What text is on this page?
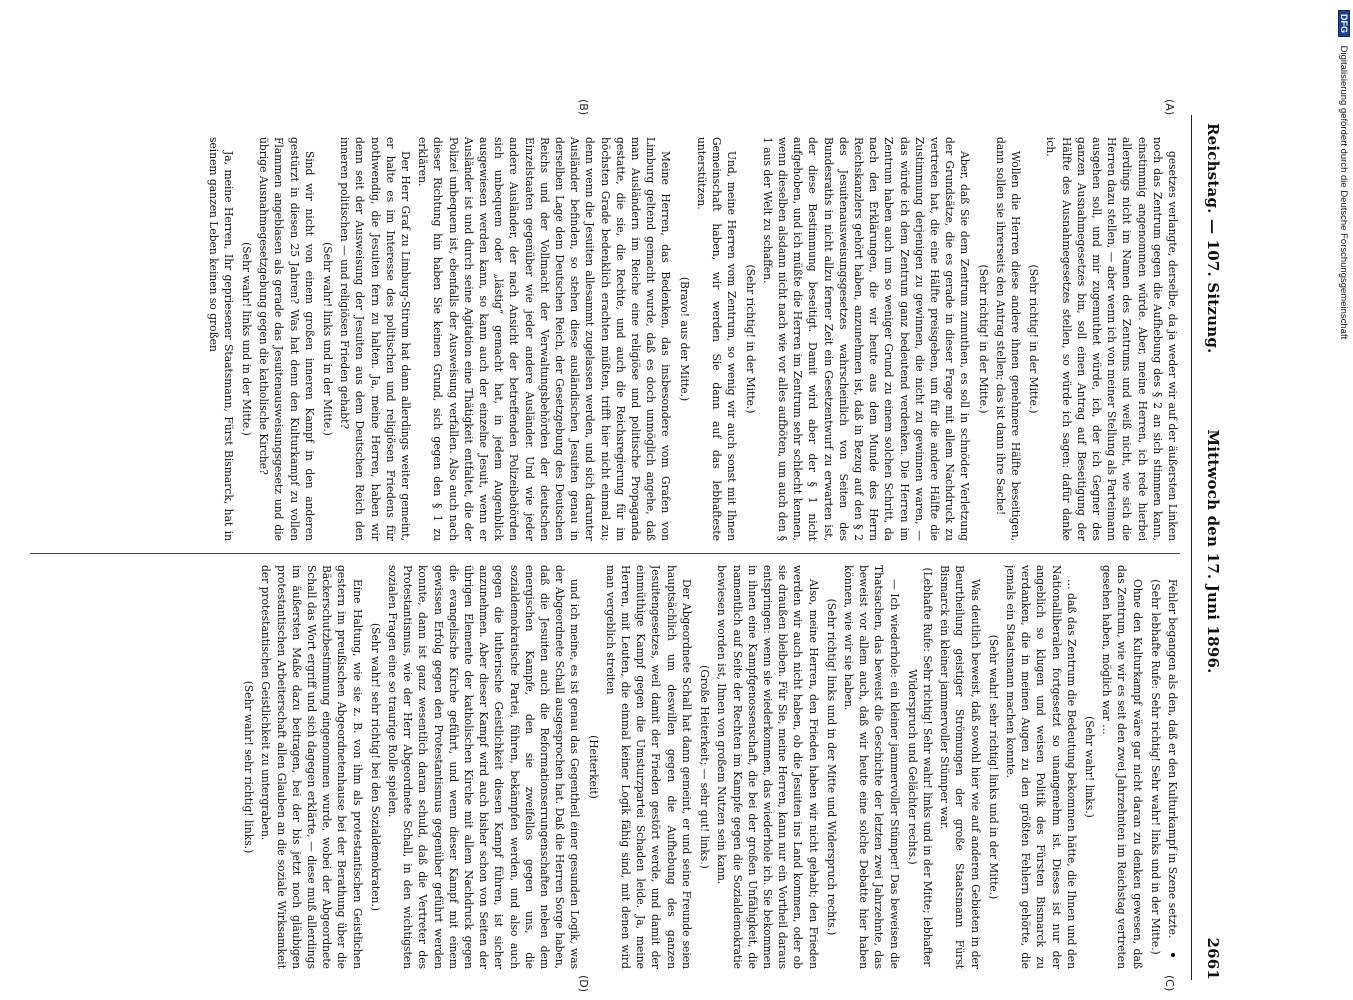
Reichstag. — 107. Sitzung.
Mittwoch den 17. Juni 1896.
2661
(A)
(B)
(C)
(D)

gesetzes verlangte, derselbe, da ja weder wir auf der äußersten Linken noch das Zentrum gegen die Aufhebung des § 2 an sich stimmen kann, einstimmig angenommen würde. Aber, meine Herren, ich rede hierbei allerdings nicht im Namen des Zentrums und weiß nicht, wie sich die Herren dazu stellen, — aber wenn ich von meiner Stellung als Parteimann ausgehen soll, und mir zugemuthet würde, ich, der ich Gegner des ganzen Ausnahmegesetzes bin, soll einen Antrag auf Beseitigung der Hälfte des Ausnahmegesetzes stellen, so würde ich sagen: dafür danke ich.

(Sehr richtig! in der Mitte.)

Wollen die Herren diese andere ihnen genehmere Hälfte beseitigen, dann sollen sie ihrerseits den Antrag stellen; das ist dann ihre Sache!

(Sehr richtig! in der Mitte.)

Aber, daß Sie dem Zentrum zumuthen, es soll in schnöder Verletzung der Grundsätze, die es gerade in dieser Frage mit allem Nachdruck zu vertreten hat, die eine Hälfte preisgeben, um für die andere Hälfte die Zustimmung derjenigen zu gewinnen, die nicht zu gewinnen waren, — das würde ich dem Zentrum ganz bedeutend verdenken. Die Herren im Zentrum haben auch um so weniger Grund zu einem solchen Schritt, da nach den Erklärungen, die wir heute aus dem Munde des Herrn Reichskanzlers gehört haben, anzunehmen ist, daß in Bezug auf den § 2 des Jesuitenausweisungsgesetzes wahrscheinlich von Seiten des Bundesraths in nicht allzu ferner Zeit ein Gesetzentwurf zu erwarten ist, der diese Bestimmung beseitigt. Damit wird aber der § 1 nicht aufgehoben, und ich müßte die Herren im Zentrum sehr schlecht kennen, wenn dieselben alsdann nicht nach wie vor alles aufböten, um auch den § 1 aus der Welt zu schaffen.

(Sehr richtig! in der Mitte.)

Und, meine Herren vom Zentrum, so wenig wir auch sonst mit Ihnen Gemeinschaft haben, wir werden Sie dann auf das lebhafteste unterstützen.

(Bravo! aus der Mitte.)

Meine Herren, das Bedenken, das insbesondere vom Grafen von Limburg geltend gemacht wurde, daß es doch unmöglich angehe, daß man Ausländern im Reiche eine religiöse und politische Propaganda gestatte, die sie, die Rechte, und auch die Reichsregierung für im höchsten Grade bedenklich erachten müßten, trifft hier nicht einmal zu; denn wenn die Jesuiten allesammt zugelassen werden, und sich darunter Ausländer befinden, so stehen diese ausländischen Jesuiten genau in derselben Lage dem Deutschen Reich, der Gesetzgebung des Deutschen Reichs und der Vollmacht der Verwaltungsbehörden der deutschen Einzelstaaten gegenüber wie jeder andere Ausländer. Und wie jeder andere Ausländer, der nach Ansicht der betreffenden Polizeibehörden sich unbequem oder „lästig“ gemacht hat, in jedem Augenblick ausgewiesen werden kann, so kann auch der einzelne Jesuit, wenn er Ausländer ist und durch seine Agitation eine Thätigkeit entfaltet, die der Polizei unbequem ist, ebenfalls der Ausweisung verfallen. Also auch nach dieser Richtung hin haben Sie keinen Grund, sich gegen den § 1 zu erklären.

Der Herr Graf zu Limburg-Stirum hat dann allerdings weiter gemeint, er halte es im Interesse des politischen und religiösen Friedens für nothwendig, die Jesuiten fern zu halten. Ja, meine Herren, haben wir denn seit der Ausweisung der Jesuiten aus dem Deutschen Reich den inneren politischen — und religiösen Frieden gehabt?

(Sehr wahr! links und in der Mitte.)

Sind wir nicht von einem großen inneren Kampf in den anderen gestürzt in diesen 25 Jahren? Was hat denn den Kulturkampf zu vollen Flammen angeblasen als gerade das Jesuitenausweisungsgesetz und die übrige Ausnahmegesetzgebung gegen die katholische Kirche?

(Sehr wahr! links und in der Mitte.)

Ja, meine Herren, Ihr gepriesener Staatsmann, Fürst Bismarck, hat in seinem ganzen Leben keinen so großen

Fehler begangen als den, daß er den Kulturkampf in Szene setzte.

(Sehr lebhafte Rufe: Sehr richtig! Sehr wahr! links und in der Mitte.)

Ohne den Kulturkampf wäre gar nicht daran zu denken gewesen, daß das Zentrum, wie wir es seit den zwei Jahrzehnten im Reichstag vertreten gesehen haben, möglich war …

(Sehr wahr! links.)

… daß das Zentrum die Bedeutung bekommen hätte, die Ihnen und den Nationalliberalen fortgesetzt so unangenehm ist. Dieses ist nur der angeblich so klugen und weisen Politik des Fürsten Bismarck zu verdanken, die in meinen Augen zu den größten Fehlern gehörte, die jemals ein Staatsmann machen konnte.

(Sehr wahr! sehr richtig! links und in der Mitte.)

Was deutlich beweist, daß sowohl hier wie auf anderen Gebieten in der Beurtheilung geistiger Strömungen der große Staatsmann Fürst Bismarck ein kleiner jammervoller Stümper war.

(Lebhafte Rufe: Sehr richtig! Sehr wahr! links und in der Mitte; lebhafter Widerspruch und Gelächter rechts.)

— Ich wiederhole: ein kleiner jammervoller Stümper! Das beweisen die Thatsachen, das beweist die Geschichte der letzten zwei Jahrzehnte, das beweist vor allem auch, daß wir heute eine solche Debatte hier haben können, wie wir sie haben.

(Sehr richtig! links und in der Mitte und Widerspruch rechts.)

Also, meine Herren, den Frieden haben wir nicht gehabt; den Frieden werden wir auch nicht haben, ob die Jesuiten ins Land kommen, oder ob sie draußen bleiben. Für Sie, meine Herren, kann nur ein Vortheil daraus entspringen: wenn sie wiederkommen, das wiederhole ich. Sie bekommen in ihnen eine Kampfgenossenschaft, die bei der großen Unfähigkeit, die namentlich auf Seite der Rechten im Kampfe gegen die Sozialdemokratie bewiesen worden ist, Ihnen von großem Nutzen sein kann.

(Große Heiterkeit; — sehr gut! links.)

Der Abgeordnete Schall hat dann gemeint, er und seine Freunde seien hauptsächlich um deswillen gegen die Aufhebung des ganzen Jesuitengesetzes, weil damit der Frieden gestört werde, und damit der einmüthige Kampf gegen die Umsturzpartei Schaden leide. Ja, meine Herren, mit Leuten, die einmal keiner Logik fähig sind, mit denen wird man vergeblich streiten

(Heiterkeit)

und ich meine, es ist genau das Gegentheil einer gesunden Logik, was der Abgeordnete Schall ausgesprochen hat. Daß die Herren Sorge haben, daß die Jesuiten auch die Reformationserrungenschaften neben dem energischen Kampfe, den sie zweifellos gegen uns, die sozialdemokratische Partei, führen, bekämpfen werden, und also auch gegen die lutherische Geistlichkeit diesen Kampf führen, ist sicher anzunehmen. Aber dieser Kampf wird auch bisher schon von Seiten der übrigen Elemente der katholischen Kirche mit allem Nachdruck gegen die evangelische Kirche geführt, und wenn dieser Kampf mit einem gewissen Erfolg gegen den Protestantismus gegenüber geführt werden konnte, dann ist ganz wesentlich daran schuld, daß die Vertreter des Protestantismus, wie der Herr Abgeordnete Schall, in den wichtigsten sozialen Fragen eine so traurige Rolle spielen.

(Sehr wahr! sehr richtig! bei den Sozialdemokraten.)

Eine Haltung, wie sie z. B. von ihm als protestantischen Geistlichen gestern im preußischen Abgeordnetenhause bei der Berathung über die Bäckerschutzbestimmung eingenommen wurde, wobei der Abgeordnete Schall das Wort ergriff und sich dagegen erklärte, — diese muß allerdings im äußersten Maße dazu beitragen, bei der bis jetzt noch gläubigen protestantischen Arbeiterschaft allen Glauben an die soziale Wirksamkeit der protestantischen Geistlichkeit zu untergraben.

(Sehr wahr! sehr richtig! links.)

DFG Digitalisierung gefördert durch die Deutsche Forschungsgemeinschaft
